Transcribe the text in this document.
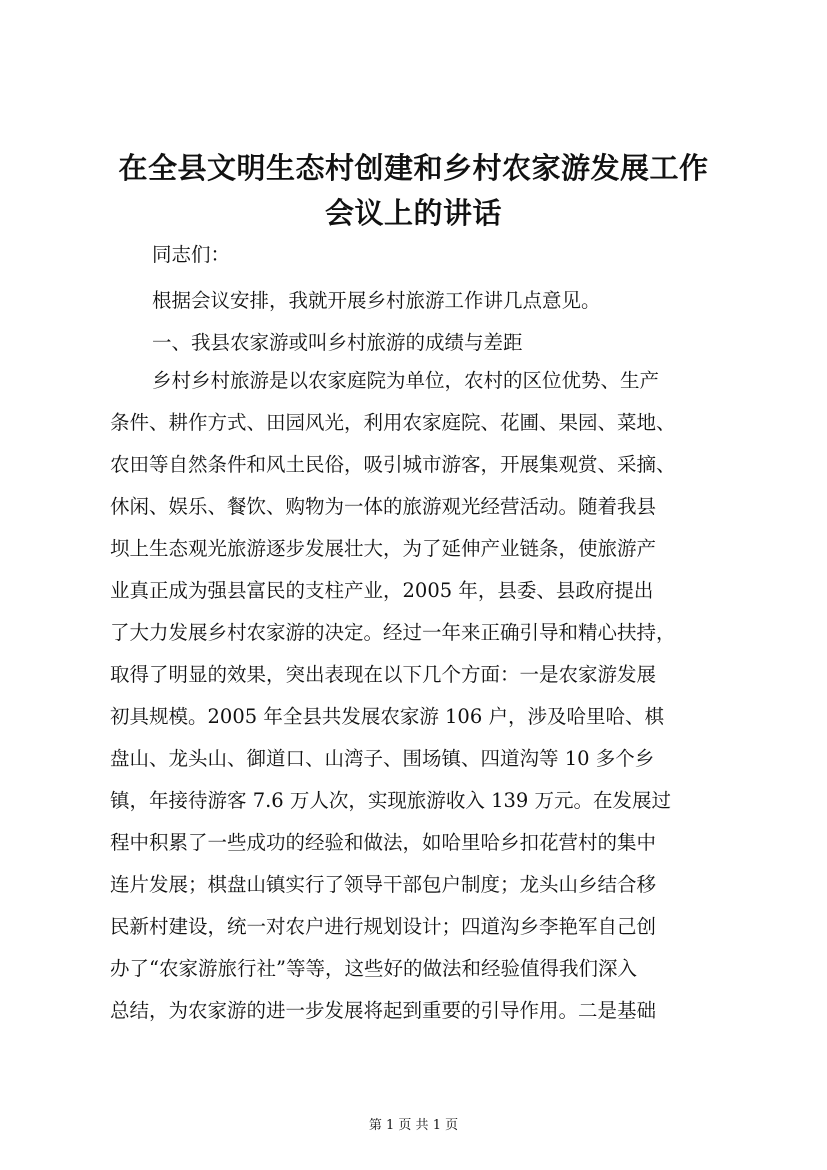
在全县文明生态村创建和乡村农家游发展工作
会议上的讲话
同志们：
根据会议安排，我就开展乡村旅游工作讲几点意见。
一、我县农家游或叫乡村旅游的成绩与差距
乡村乡村旅游是以农家庭院为单位，农村的区位优势、生产
条件、耕作方式、田园风光，利用农家庭院、花圃、果园、菜地、
农田等自然条件和风土民俗，吸引城市游客，开展集观赏、采摘、
休闲、娱乐、餐饮、购物为一体的旅游观光经营活动。随着我县
坝上生态观光旅游逐步发展壮大，为了延伸产业链条，使旅游产
业真正成为强县富民的支柱产业，2005 年，县委、县政府提出
了大力发展乡村农家游的决定。经过一年来正确引导和精心扶持，
取得了明显的效果，突出表现在以下几个方面：一是农家游发展
初具规模。2005 年全县共发展农家游 106 户，涉及哈里哈、棋
盘山、龙头山、御道口、山湾子、围场镇、四道沟等 10 多个乡
镇，年接待游客 7.6 万人次，实现旅游收入 139 万元。在发展过
程中积累了一些成功的经验和做法，如哈里哈乡扣花营村的集中
连片发展；棋盘山镇实行了领导干部包户制度；龙头山乡结合移
民新村建设，统一对农户进行规划设计；四道沟乡李艳军自己创
办了“农家游旅行社”等等，这些好的做法和经验值得我们深入
总结，为农家游的进一步发展将起到重要的引导作用。二是基础
第 1 页 共 1 页
